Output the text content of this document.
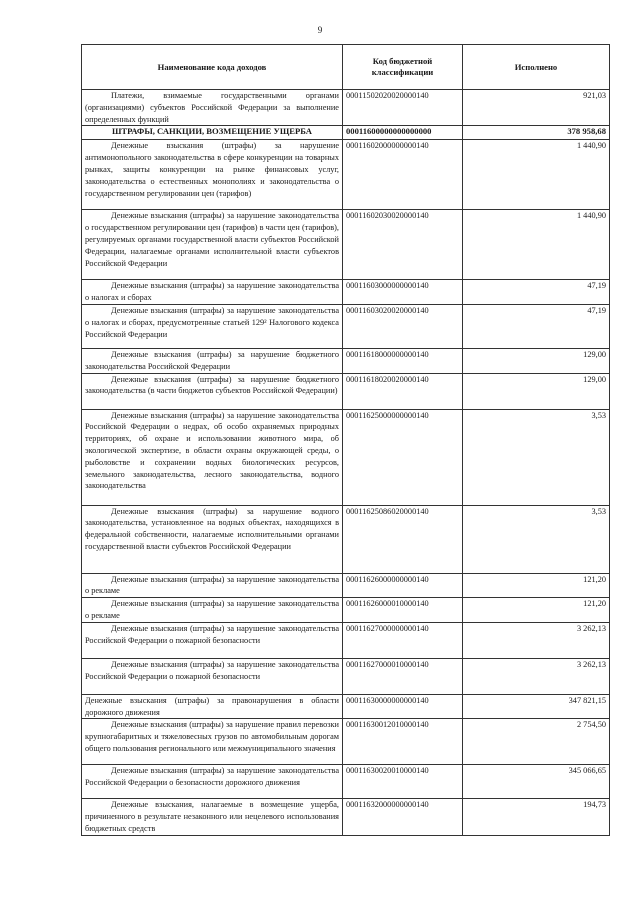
9
Наименование кода доходов	Код бюджетной классификации	Исполнено
Платежи, взимаемые государственными органами (организациями) субъектов Российской Федерации за выполнение определенных функций	00011502020020000140	921,03
ШТРАФЫ, САНКЦИИ, ВОЗМЕЩЕНИЕ УЩЕРБА	00011600000000000000	378 958,68
Денежные взыскания (штрафы) за нарушение антимонопольного законодательства в сфере конкуренции на товарных рынках, защиты конкуренции на рынке финансовых услуг, законодательства о естественных монополиях и законодательства о государственном регулировании цен (тарифов)	00011602000000000140	1 440,90
Денежные взыскания (штрафы) за нарушение законодательства о государственном регулировании цен (тарифов) в части цен (тарифов), регулируемых органами государственной власти субъектов Российской Федерации, налагаемые органами исполнительной власти субъектов Российской Федерации	00011602030020000140	1 440,90
Денежные взыскания (штрафы) за нарушение законодательства о налогах и сборах	00011603000000000140	47,19
Денежные взыскания (штрафы) за нарушение законодательства о налогах и сборах, предусмотренные статьей 129² Налогового кодекса Российской Федерации	00011603020020000140	47,19
Денежные взыскания (штрафы) за нарушение бюджетного законодательства Российской Федерации	00011618000000000140	129,00
Денежные взыскания (штрафы) за нарушение бюджетного законодательства (в части бюджетов субъектов Российской Федерации)	00011618020020000140	129,00
Денежные взыскания (штрафы) за нарушение законодательства Российской Федерации о недрах, об особо охраняемых природных территориях, об охране и использовании животного мира, об экологической экспертизе, в области охраны окружающей среды, о рыболовстве и сохранении водных биологических ресурсов, земельного законодательства, лесного законодательства, водного законодательства	00011625000000000140	3,53
Денежные взыскания (штрафы) за нарушение водного законодательства, установленное на водных объектах, находящихся в федеральной собственности, налагаемые исполнительными органами государственной власти субъектов Российской Федерации	00011625086020000140	3,53
Денежные взыскания (штрафы) за нарушение законодательства о рекламе	00011626000000000140	121,20
Денежные взыскания (штрафы) за нарушение законодательства о рекламе	00011626000010000140	121,20
Денежные взыскания (штрафы) за нарушение законодательства Российской Федерации о пожарной безопасности	00011627000000000140	3 262,13
Денежные взыскания (штрафы) за нарушение законодательства Российской Федерации о пожарной безопасности	00011627000010000140	3 262,13
Денежные взыскания (штрафы) за правонарушения в области дорожного движения	00011630000000000140	347 821,15
Денежные взыскания (штрафы) за нарушение правил перевозки крупногабаритных и тяжеловесных грузов по автомобильным дорогам общего пользования регионального или межмуниципального значения	00011630012010000140	2 754,50
Денежные взыскания (штрафы) за нарушение законодательства Российской Федерации о безопасности дорожного движения	00011630020010000140	345 066,65
Денежные взыскания, налагаемые в возмещение ущерба, причиненного в результате незаконного или нецелевого использования бюджетных средств	00011632000000000140	194,73
